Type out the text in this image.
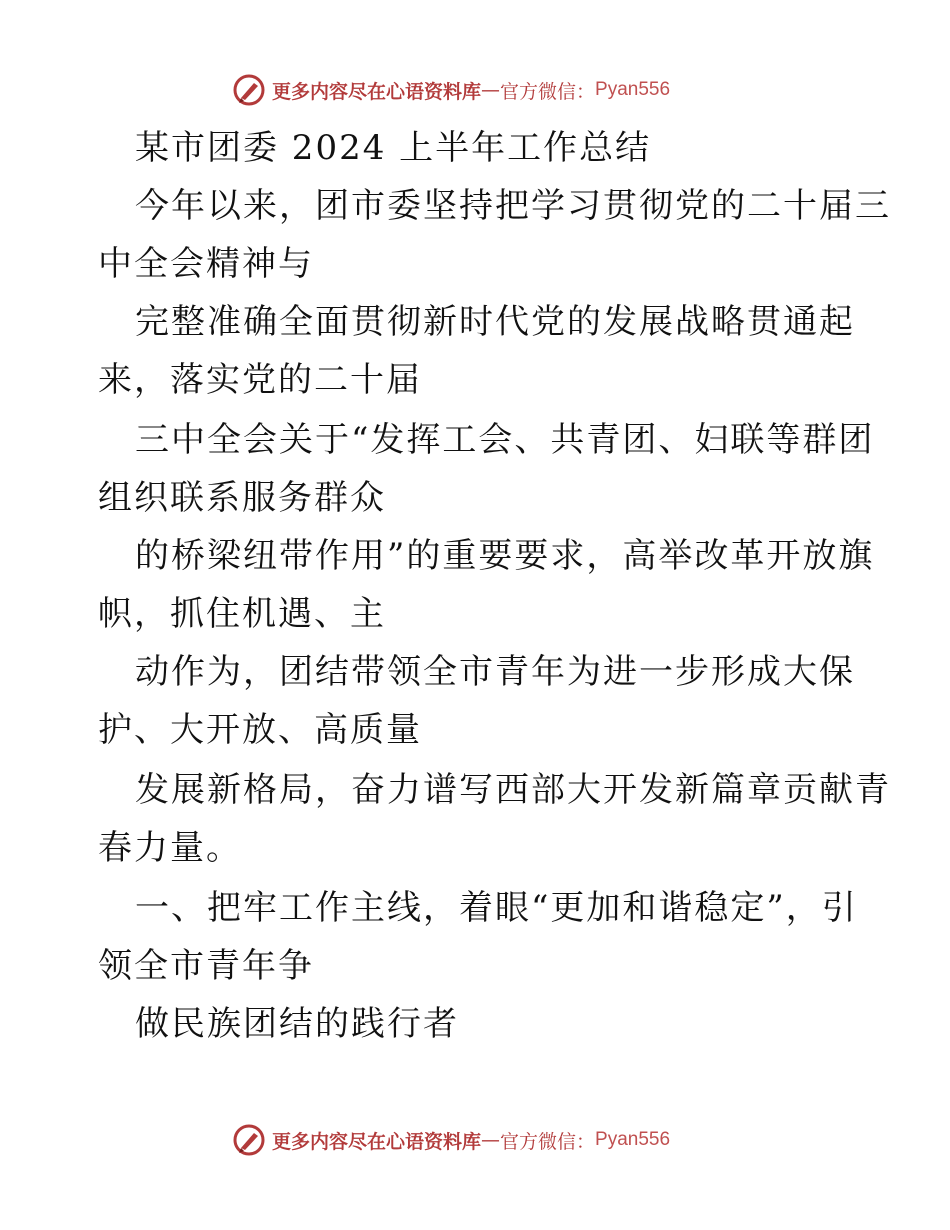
更多内容尽在心语资料库 — 官方微信： Pyan556
某市团委 2024 上半年工作总结
今年以来，团市委坚持把学习贯彻党的二十届三
中全会精神与
完整准确全面贯彻新时代党的发展战略贯通起
来，落实党的二十届
三中全会关于“发挥工会、共青团、妇联等群团
组织联系服务群众
的桥梁纽带作用”的重要要求，高举改革开放旗
帜，抓住机遇、主
动作为，团结带领全市青年为进一步形成大保
护、大开放、高质量
发展新格局，奋力谱写西部大开发新篇章贡献青
春力量。
一、把牢工作主线，着眼“更加和谐稳定”，引
领全市青年争
做民族团结的践行者
更多内容尽在心语资料库 — 官方微信： Pyan556
